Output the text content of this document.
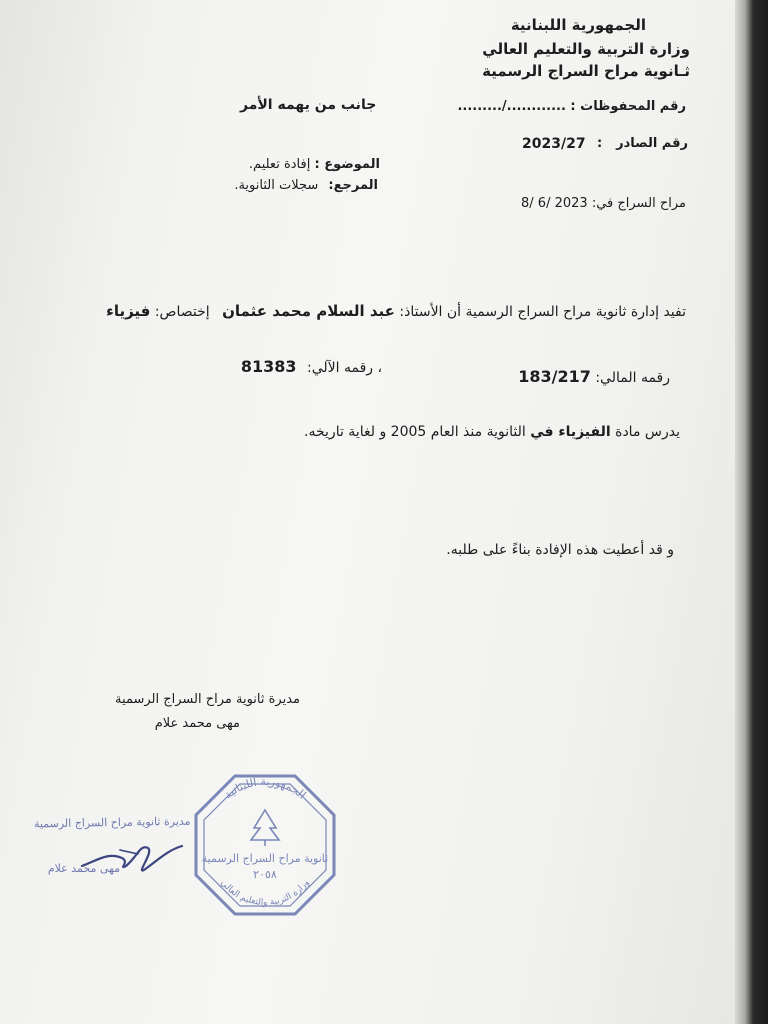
الجمهورية اللبنانية
وزارة التربية والتعليم العالي
ثـانوية مراح السراج الرسمية
رقم المحفوظات : ............/.........
جانب من يهمه الأمر
رقم الصادر
:
2023/27
الموضوع : إفادة تعليم.
المرجع: سجلات الثانوية.
مراح السراج في: 2023 /6 /8
تفيد إدارة ثانوية مراح السراج الرسمية أن الأستاذ: عبد السلام محمد عثمان إختصاص: فيزياء
رقمه المالي: 183/217
، رقمه الآلي: 81383
يدرس مادة الفيزياء في الثانوية منذ العام 2005 و لغاية تاريخه.
و قد أعطيت هذه الإفادة بناءً على طلبه.
مديرة ثانوية مراح السراج الرسمية
مهى محمد علام
مديرة ثانوية مراح السراج الرسمية
مهى محمد علام
الجمهورية اللبنانية
وزارة التربية والتعليم العالي
ثانوية مراح السراج الرسمية
٢٠٥٨
